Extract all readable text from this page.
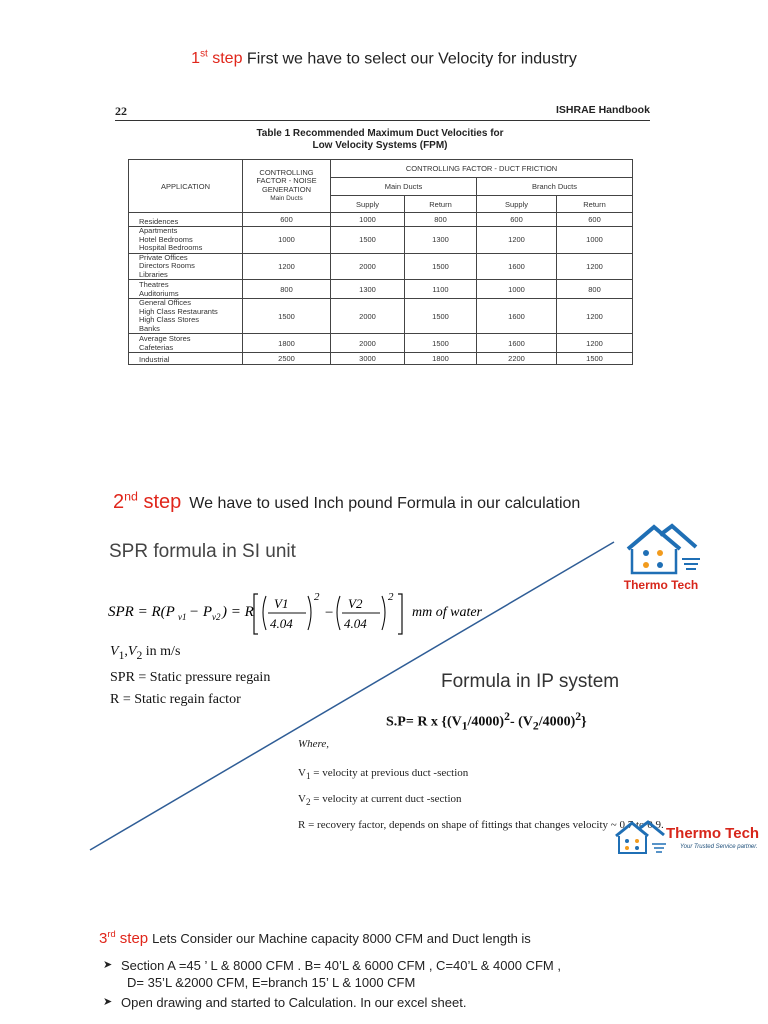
1st step First we have to select our Velocity for industry
22	ISHRAE Handbook
Table 1 Recommended Maximum Duct Velocities for
Low Velocity Systems (FPM)
APPLICATION	CONTROLLING FACTOR - NOISE GENERATION
Main Ducts	CONTROLLING FACTOR - DUCT FRICTION			
		Main Ducts		Branch Ducts	
		Supply	Return	Supply	Return

Residences	600	1000	800	600	600

Apartments
Hotel Bedrooms
Hospital Bedrooms	1000	1500	1300	1200	1000

Private Offices
Directors Rooms
Libraries	1200	2000	1500	1600	1200

Theatres
Auditoriums	800	1300	1100	1000	800

General Offices
High Class Restaurants
High Class Stores
Banks	1500	2000	1500	1600	1200

Average Stores
Cafeterias	1800	2000	1500	1600	1200

Industrial	2500	3000	1800	2200	1500
2nd step We have to used Inch pound Formula in our calculation
SPR formula in SI unit
SPR = R(P v1 − P v2 ) = R
V1
4.04
2
−
V2
4.04
2
mm of water
$V_1,V_2$ in m/s
SPR = Static pressure regain
R = Static regain factor
Formula in IP system
S.P= R x {$(V_1/4000)^2-$ $(V_2/4000)^2$}
Where,
$V_1$ = velocity at previous duct -section
$V_2$ = velocity at current duct -section
R = recovery factor, depends on shape of fittings that changes velocity ~ 0.7 to 0.9.
Thermo Tech
Thermo Tech
Your Trusted Service partner.
3rd step Lets Consider our Machine capacity 8000 CFM and Duct length is
➤ Section A =45 ’ L & 8000 CFM . B= 40’L & 6000 CFM , C=40’L & 4000 CFM ,
D= 35’L &2000 CFM, E=branch 15’ L & 1000 CFM
➤ Open drawing and started to Calculation. In our excel sheet.
